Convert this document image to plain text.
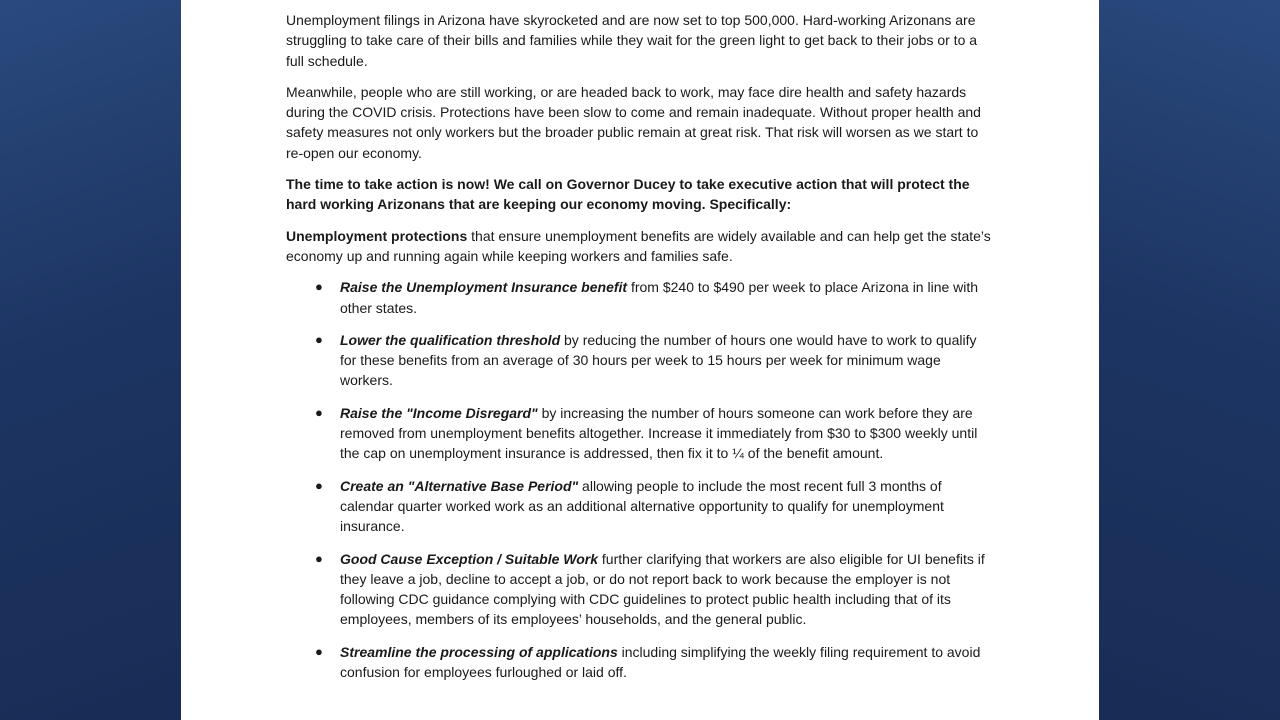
Unemployment filings in Arizona have skyrocketed and are now set to top 500,000. Hard-working Arizonans are struggling to take care of their bills and families while they wait for the green light to get back to their jobs or to a full schedule.

Meanwhile, people who are still working, or are headed back to work, may face dire health and safety hazards during the COVID crisis. Protections have been slow to come and remain inadequate. Without proper health and safety measures not only workers but the broader public remain at great risk. That risk will worsen as we start to re-open our economy.

The time to take action is now! We call on Governor Ducey to take executive action that will protect the hard working Arizonans that are keeping our economy moving. Specifically:

Unemployment protections that ensure unemployment benefits are widely available and can help get the state’s economy up and running again while keeping workers and families safe.

● Raise the Unemployment Insurance benefit from $240 to $490 per week to place Arizona in line with other states.
● Lower the qualification threshold by reducing the number of hours one would have to work to qualify for these benefits from an average of 30 hours per week to 15 hours per week for minimum wage workers.
● Raise the "Income Disregard" by increasing the number of hours someone can work before they are removed from unemployment benefits altogether. Increase it immediately from $30 to $300 weekly until the cap on unemployment insurance is addressed, then fix it to ¼ of the benefit amount.
● Create an "Alternative Base Period" allowing people to include the most recent full 3 months of calendar quarter worked work as an additional alternative opportunity to qualify for unemployment insurance.
● Good Cause Exception / Suitable Work further clarifying that workers are also eligible for UI benefits if they leave a job, decline to accept a job, or do not report back to work because the employer is not following CDC guidance complying with CDC guidelines to protect public health including that of its employees, members of its employees’ households, and the general public.
● Streamline the processing of applications including simplifying the weekly filing requirement to avoid confusion for employees furloughed or laid off.
